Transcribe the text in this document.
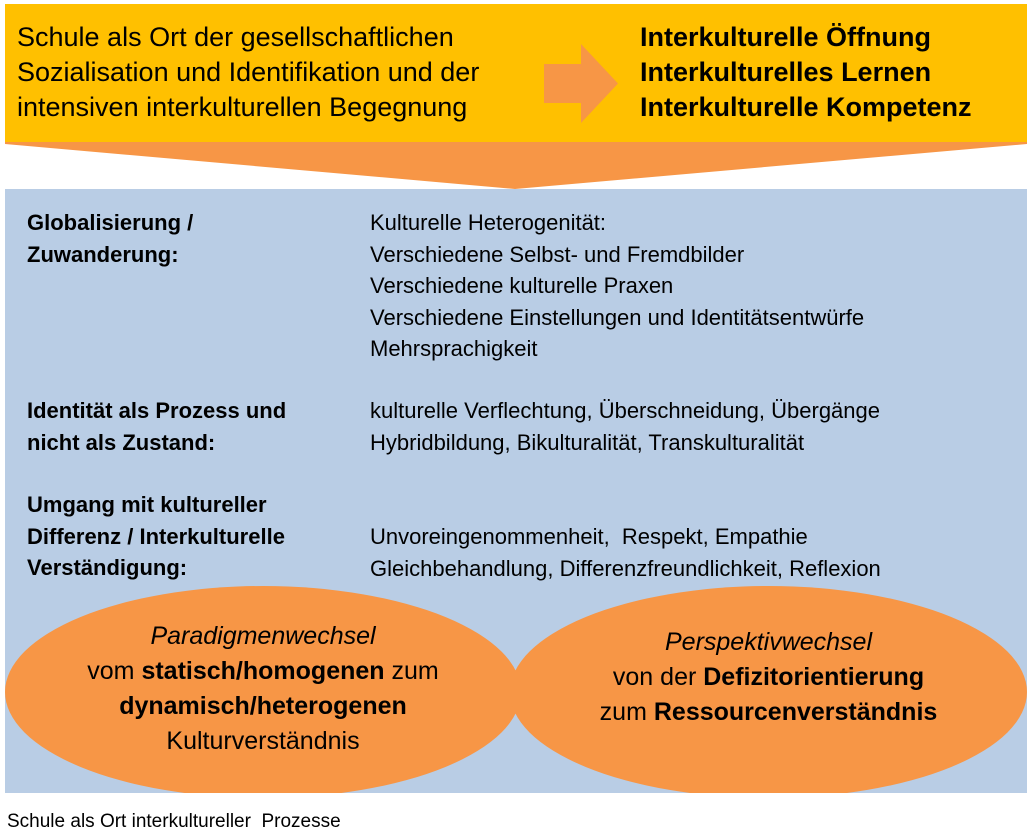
Schule als Ort der gesellschaftlichen
Sozialisation und Identifikation und der
intensiven interkulturellen Begegnung
Interkulturelle Öffnung
Interkulturelles Lernen
Interkulturelle Kompetenz
Globalisierung /
Zuwanderung:
Kulturelle Heterogenität:
Verschiedene Selbst- und Fremdbilder
Verschiedene kulturelle Praxen
Verschiedene Einstellungen und Identitätsentwürfe
Mehrsprachigkeit
Identität als Prozess und
nicht als Zustand:
kulturelle Verflechtung, Überschneidung, Übergänge
Hybridbildung, Bikulturalität, Transkulturalität
Umgang mit kultureller
Differenz / Interkulturelle
Verständigung:
Unvoreingenommenheit,  Respekt, Empathie
Gleichbehandlung, Differenzfreundlichkeit, Reflexion
Paradigmenwechsel
vom statisch/homogenen zum
dynamisch/heterogenen
Kulturverständnis
Perspektivwechsel
von der Defizitorientierung
zum Ressourcenverständnis
Schule als Ort interkultureller  Prozesse
